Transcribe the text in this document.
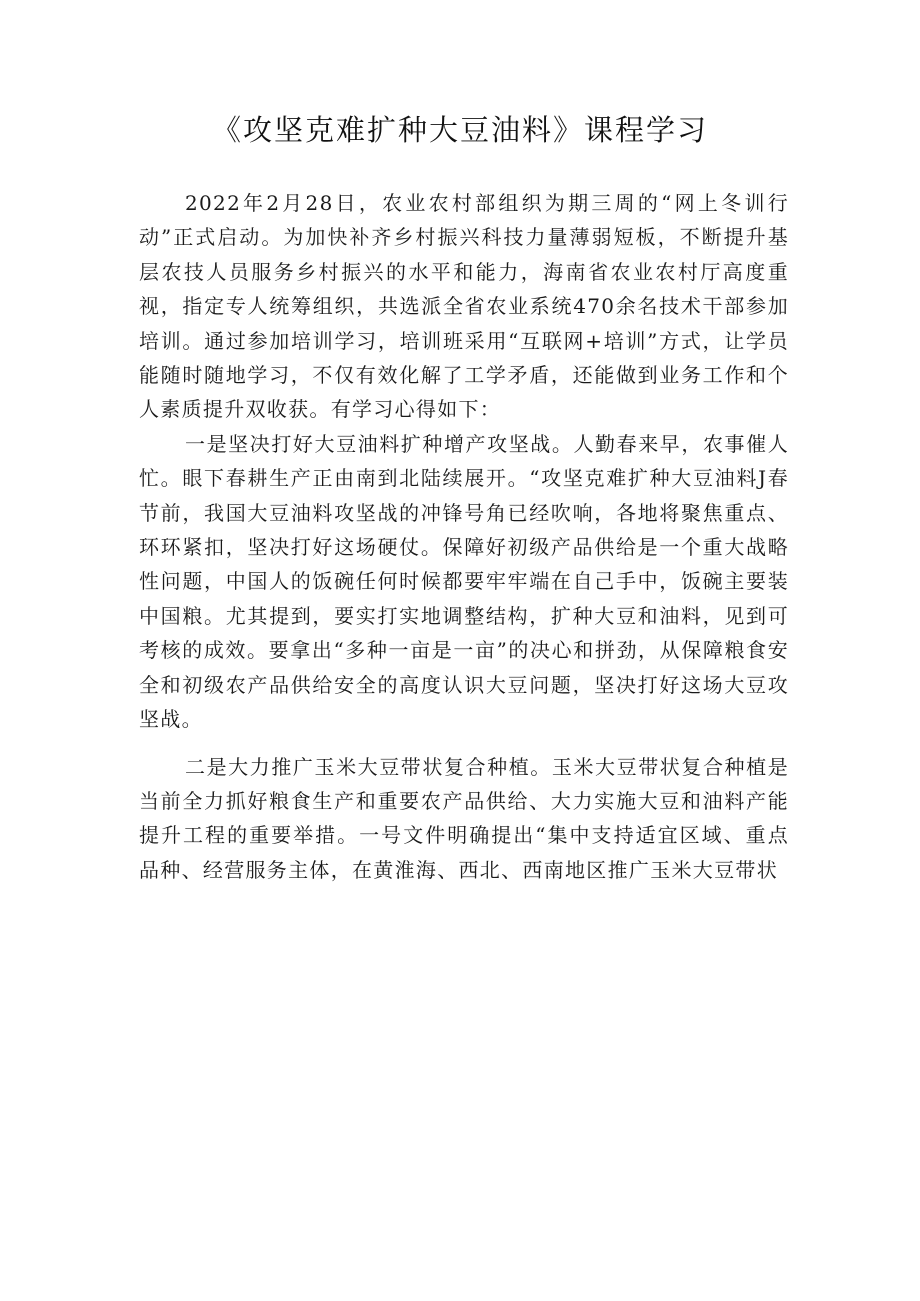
《攻坚克难扩种大豆油料》课程学习

2022年2月28日，农业农村部组织为期三周的“网上冬训行动”正式启动。为加快补齐乡村振兴科技力量薄弱短板，不断提升基层农技人员服务乡村振兴的水平和能力，海南省农业农村厅高度重视，指定专人统筹组织，共选派全省农业系统470余名技术干部参加培训。通过参加培训学习，培训班采用“互联网+培训”方式，让学员能随时随地学习，不仅有效化解了工学矛盾，还能做到业务工作和个人素质提升双收获。有学习心得如下：

一是坚决打好大豆油料扩种增产攻坚战。人勤春来早，农事催人忙。眼下春耕生产正由南到北陆续展开。“攻坚克难扩种大豆油料J春节前，我国大豆油料攻坚战的冲锋号角已经吹响，各地将聚焦重点、环环紧扣，坚决打好这场硬仗。保障好初级产品供给是一个重大战略性问题，中国人的饭碗任何时候都要牢牢端在自己手中，饭碗主要装中国粮。尤其提到，要实打实地调整结构，扩种大豆和油料，见到可考核的成效。要拿出“多种一亩是一亩”的决心和拼劲，从保障粮食安全和初级农产品供给安全的高度认识大豆问题，坚决打好这场大豆攻坚战。

二是大力推广玉米大豆带状复合种植。玉米大豆带状复合种植是当前全力抓好粮食生产和重要农产品供给、大力实施大豆和油料产能提升工程的重要举措。一号文件明确提出“集中支持适宜区域、重点品种、经营服务主体，在黄淮海、西北、西南地区推广玉米大豆带状
